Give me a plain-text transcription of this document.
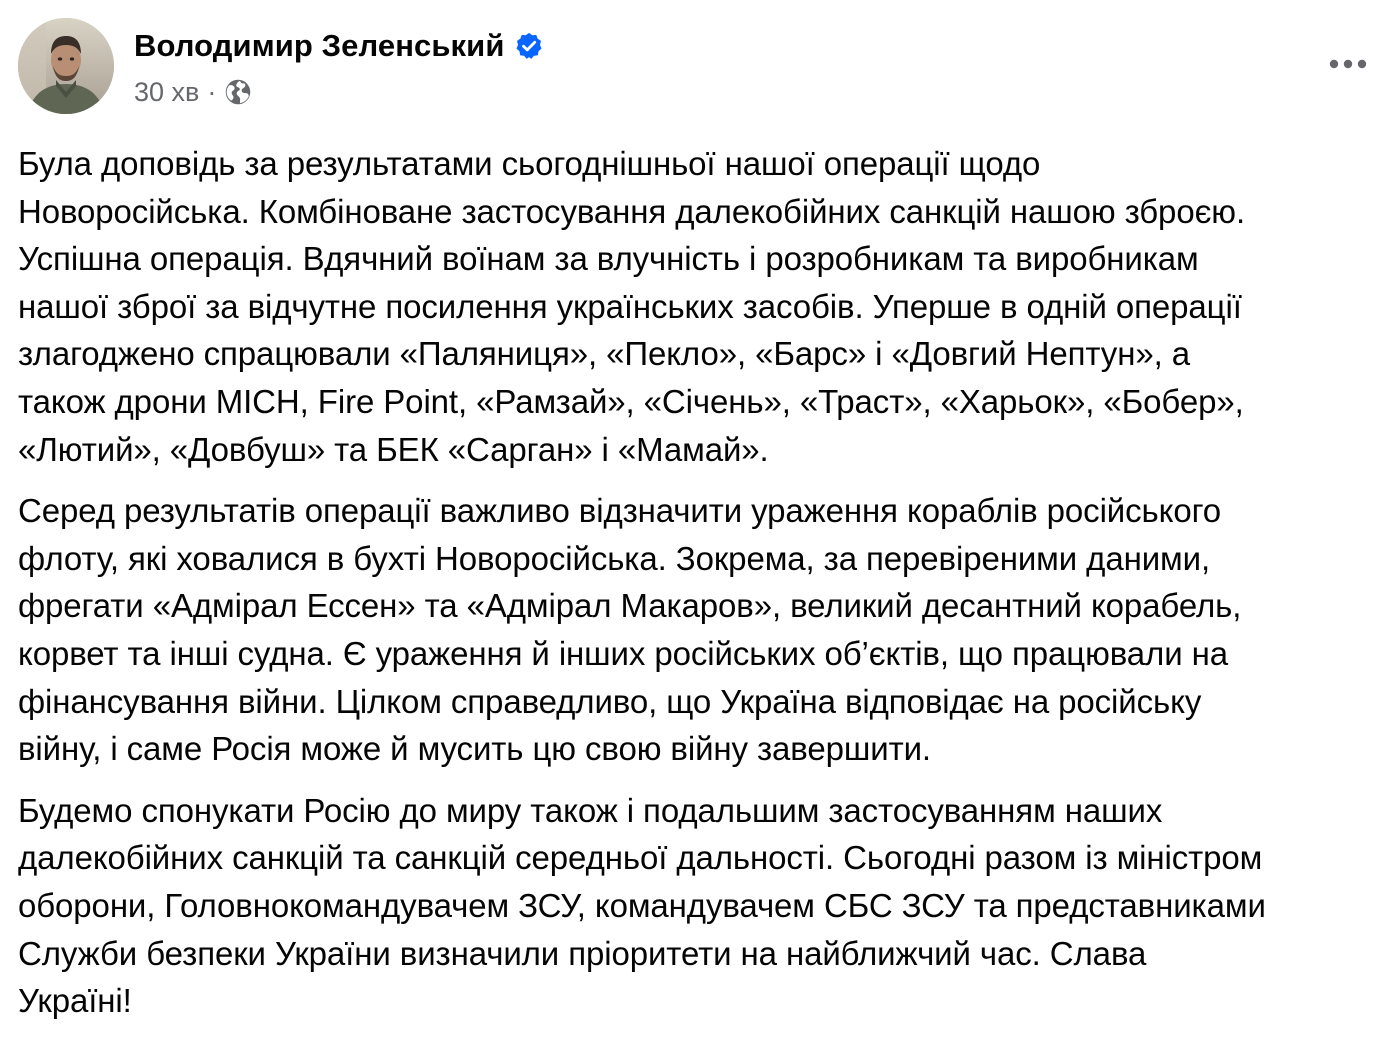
Володимир Зеленський
30 хв ·

Була доповідь за результатами сьогоднішньої нашої операції щодо
Новоросійська. Комбіноване застосування далекобійних санкцій нашою зброєю.
Успішна операція. Вдячний воїнам за влучність і розробникам та виробникам
нашої зброї за відчутне посилення українських засобів. Уперше в одній операції
злагоджено спрацювали «Паляниця», «Пекло», «Барс» і «Довгий Нептун», а
також дрони МІСН, Fire Point, «Рамзай», «Січень», «Траст», «Харьок», «Бобер»,
«Лютий», «Довбуш» та БЕК «Сарган» і «Мамай».

Серед результатів операції важливо відзначити ураження кораблів російського
флоту, які ховалися в бухті Новоросійська. Зокрема, за перевіреними даними,
фрегати «Адмірал Ессен» та «Адмірал Макаров», великий десантний корабель,
корвет та інші судна. Є ураження й інших російських об’єктів, що працювали на
фінансування війни. Цілком справедливо, що Україна відповідає на російську
війну, і саме Росія може й мусить цю свою війну завершити.

Будемо спонукати Росію до миру також і подальшим застосуванням наших
далекобійних санкцій та санкцій середньої дальності. Сьогодні разом із міністром
оборони, Головнокомандувачем ЗСУ, командувачем СБС ЗСУ та представниками
Служби безпеки України визначили пріоритети на найближчий час. Слава
Україні!
